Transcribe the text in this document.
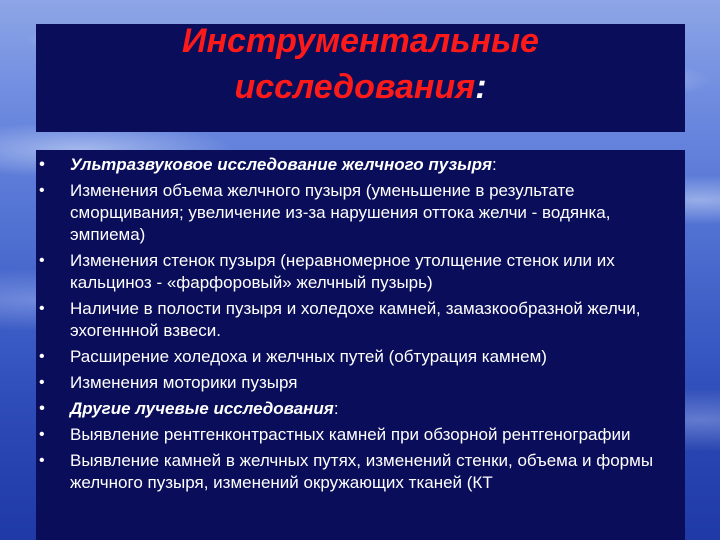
Инструментальные
исследования:
• Ультразвуковое исследование желчного пузыря:
• Изменения объема желчного пузыря (уменьшение в результате сморщивания; увеличение из-за нарушения оттока желчи - водянка, эмпиема)
• Изменения стенок пузыря (неравномерное утолщение стенок или их кальциноз - «фарфоровый» желчный пузырь)
• Наличие в полости пузыря и холедохе камней, замазкообразной желчи, эхогеннной взвеси.
• Расширение холедоха и желчных путей (обтурация камнем)
• Изменения моторики пузыря
• Другие лучевые исследования:
• Выявление рентгенконтрастных камней при обзорной рентгенографии
• Выявление камней в желчных путях, изменений стенки, объема и формы желчного пузыря, изменений окружающих тканей (КТ
